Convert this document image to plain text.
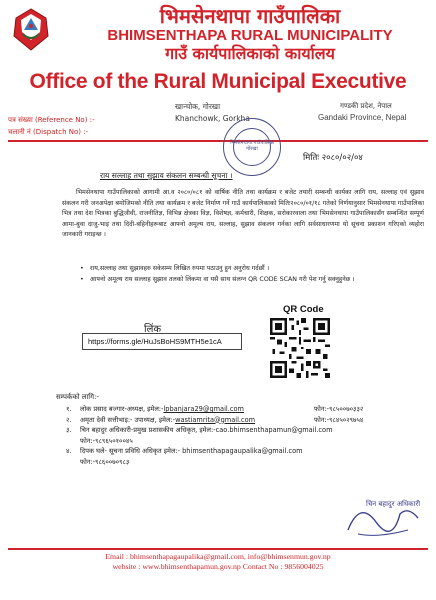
भिमसेनथापा गाउँपालिका
BHIMSENTHAPA RURAL MUNICIPALITY
गाउँ कार्यपालिकाको कार्यालय
Office of the Rural Municipal Executive
खान्चोक, गोरखा
Khanchowk, Gorkha
गण्डकी प्रदेश, नेपाल
Gandaki Province, Nepal
पत्र संख्या (Reference No) :-
चलानी नं (Dispatch No) :-
भिमसेनथापा गाउँपालिका गोरखा
मितिः २०८०/०२/०४
राय सल्लाह तथा सुझाव संकलन सम्बन्धी सूचना ।
भिमसेनथापा गाउँपालिकाको आगामी आ.व २०८०/०८१ को वार्षिक नीति तथा कार्यक्रम र बजेट तयारी सम्बन्धी कार्यका लागि राय, सल्लाह एवं सुझाव संकलन गरी जनअपेक्षा बमोजिमको नीति तथा कार्यक्रम र बजेट निर्माण गर्ने गाउँ कार्यपालिकाको मितिः२०८०/०१/१८ गतेको निर्णयानुसार भिमसेनथापा गाउँपालिका भित्र तथा देश भित्रका बुद्धिजीवी, राजनीतिज्ञ, विभिन्न क्षेत्रका विज्ञ, विशेषज्ञ, कर्मचारी, शिक्षक, सरोकारवाला तथा भिमसेनथापा गाउँपालिकासँग सम्बन्धित सम्पूर्ण आमा-बुवा दाजु-भाइ तथा दिदी-बहिनीहरूबाट आफ्नो अमूल्य राय, सल्लाह, सुझाव संकलन गर्नका लागि सर्वसाधारणमा यो सूचना प्रकाशन गरिएको व्यहोरा जानकारी गराइन्छ ।
• राय,सल्लाह तथा सुझावहरु सकेसम्म लिखित रुपमा पठाउनु हुन अनुरोध गर्दछौं ।
• आफ्नो अमूल्य राय सल्लाह सुझाव तलको लिंकमा वा यसै साथ संलग्न QR CODE SCAN गरी पेश गर्नु सक्नुहुनेछ ।
लिंक
https://forms.gle/HuJsBoHS9MTH5e1cA
QR Code
सम्पर्कको लागि:-
१. लोक प्रसाद बज्गार-अध्यक्ष, इमेल:-lpbanjara29@gmail.com	फोन:-९८५००७०३३२
२. अमृता देवी सत्तीभाइ:- उपाध्यक्ष, इमेल:-wastiamrita@gmail.com	फोन:-९८४५०२९७५४
३. चिन बहादुर अधिकारी-प्रमुख प्रशासकीय अधिकृत, इमेल:-cao.bhimsenthapamun@gmail.com
फोन:-९८९६५०१००४५
४. दिपक घले- सूचना प्रविधि अधिकृत इमेल:- bhimsenthapagaupalika@gmail.com
फोन:-९८६००७०९८३
चिन बहादुर अधिकारी
Email : bhimsenthapagaupalika@gmail.com, info@bhimsenmun.gov.np
website : www.bhimsenthapamun.gov.np Contact No : 9856004025
